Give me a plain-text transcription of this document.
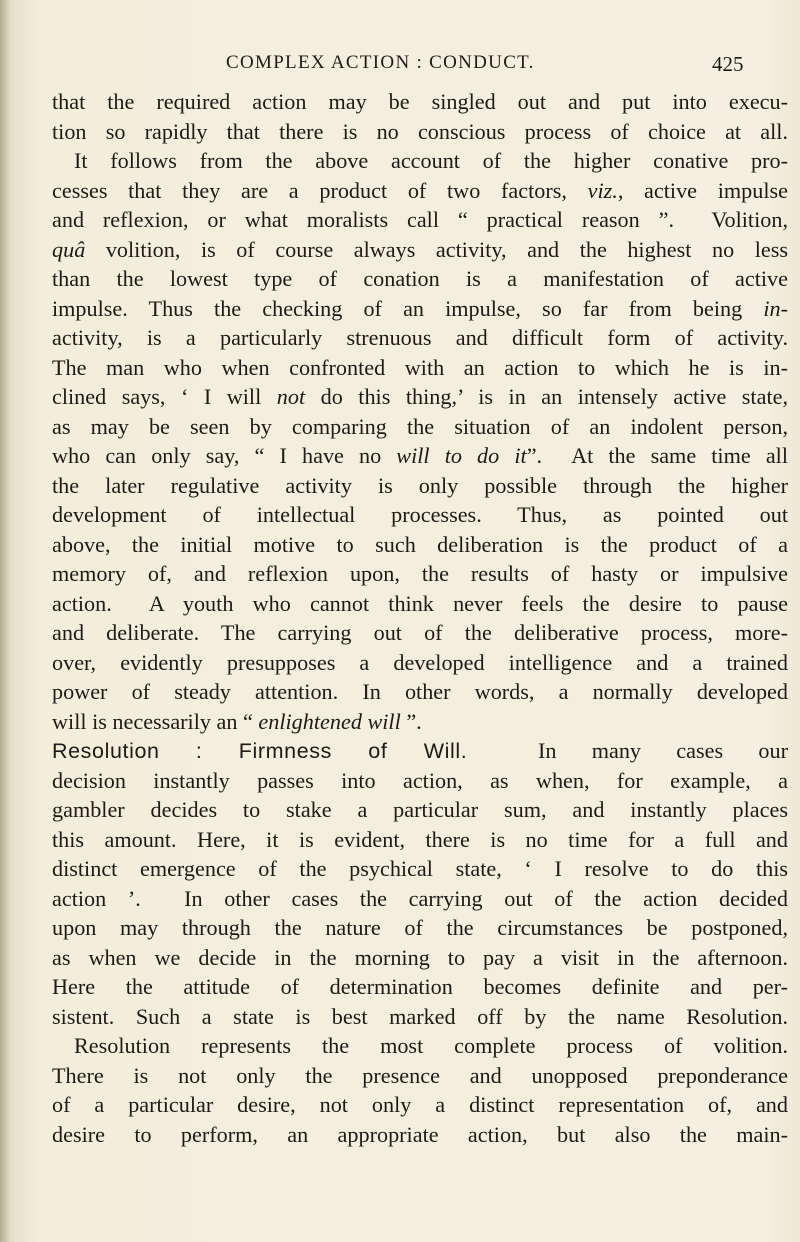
COMPLEX ACTION : CONDUCT.	425
that the required action may be singled out and put into execu-
tion so rapidly that there is no conscious process of choice at all.
It follows from the above account of the higher conative pro-
cesses that they are a product of two factors, viz., active impulse
and reflexion, or what moralists call “ practical reason ”.  Volition,
quâ volition, is of course always activity, and the highest no less
than the lowest type of conation is a manifestation of active
impulse. Thus the checking of an impulse, so far from being in-
activity, is a particularly strenuous and difficult form of activity.
The man who when confronted with an action to which he is in-
clined says, ‘ I will not do this thing,’ is in an intensely active state,
as may be seen by comparing the situation of an indolent person,
who can only say, “ I have no will to do it”.  At the same time all
the later regulative activity is only possible through the higher
development of intellectual processes. Thus, as pointed out
above, the initial motive to such deliberation is the product of a
memory of, and reflexion upon, the results of hasty or impulsive
action.  A youth who cannot think never feels the desire to pause
and deliberate. The carrying out of the deliberative process, more-
over, evidently presupposes a developed intelligence and a trained
power of steady attention. In other words, a normally developed
will is necessarily an “ enlightened will ”.
Resolution : Firmness of Will.  In many cases our
decision instantly passes into action, as when, for example, a
gambler decides to stake a particular sum, and instantly places
this amount. Here, it is evident, there is no time for a full and
distinct emergence of the psychical state, ‘ I resolve to do this
action ’.  In other cases the carrying out of the action decided
upon may through the nature of the circumstances be postponed,
as when we decide in the morning to pay a visit in the afternoon.
Here the attitude of determination becomes definite and per-
sistent. Such a state is best marked off by the name Resolution.
Resolution represents the most complete process of volition.
There is not only the presence and unopposed preponderance
of a particular desire, not only a distinct representation of, and
desire to perform, an appropriate action, but also the main-
